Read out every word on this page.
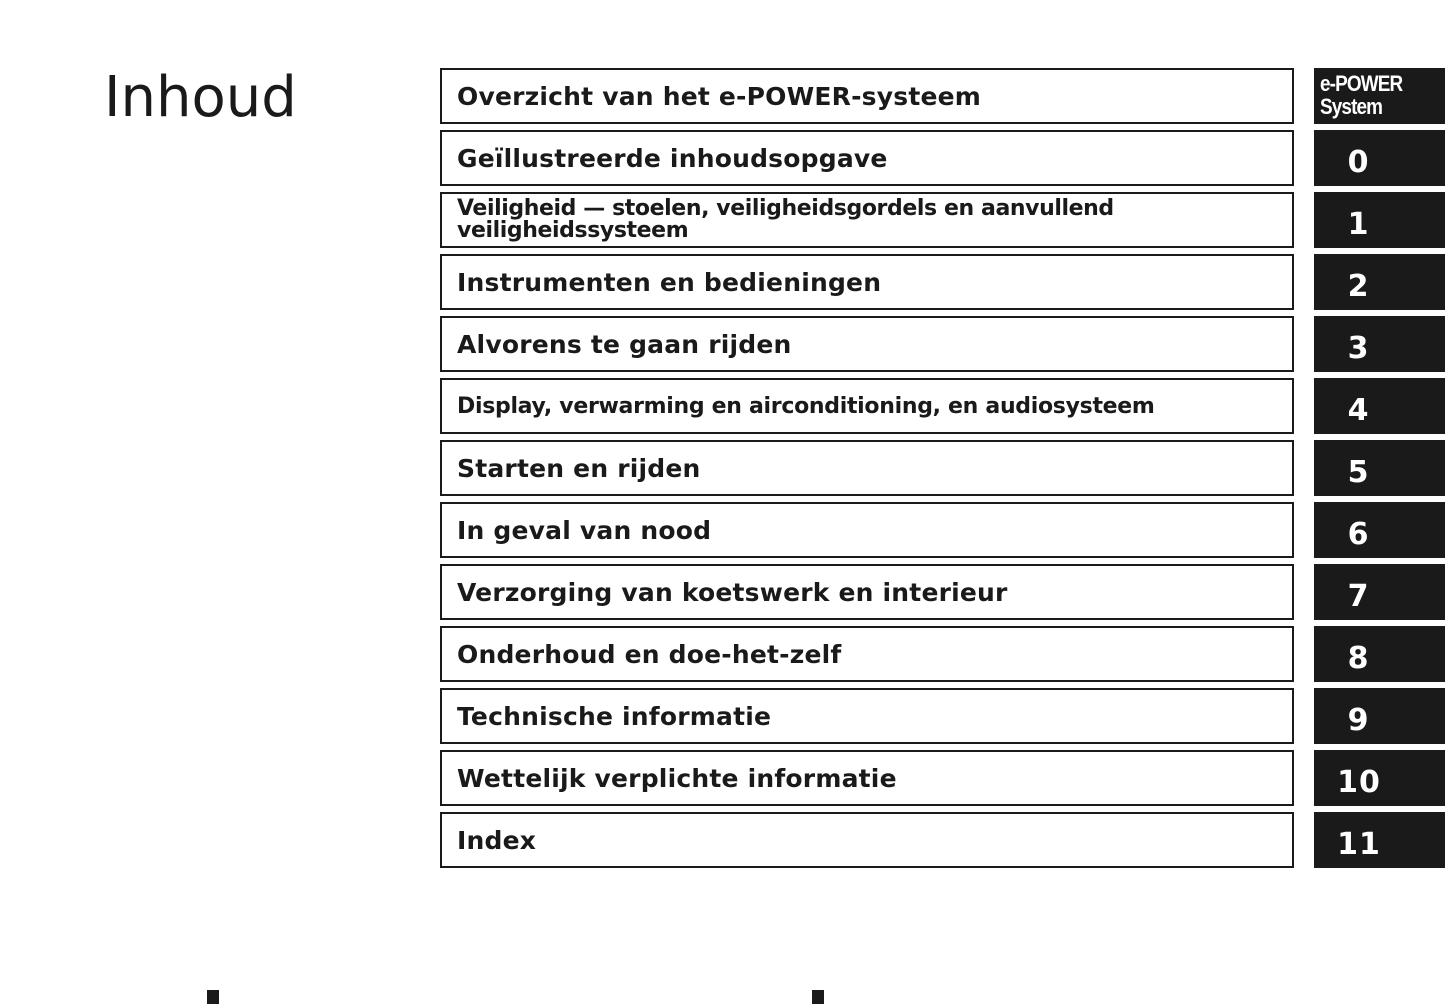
Inhoud	Overzicht van het e-POWER-systeem	e-POWER
System
Geïllustreerde inhoudsopgave	0
Veiligheid — stoelen, veiligheidsgordels en aanvullend veiligheidssysteem	1
Instrumenten en bedieningen	2
Alvorens te gaan rijden	3
Display, verwarming en airconditioning, en audiosysteem	4
Starten en rijden	5
In geval van nood	6
Verzorging van koetswerk en interieur	7
Onderhoud en doe-het-zelf	8
Technische informatie	9
Wettelijk verplichte informatie	10
Index	11
